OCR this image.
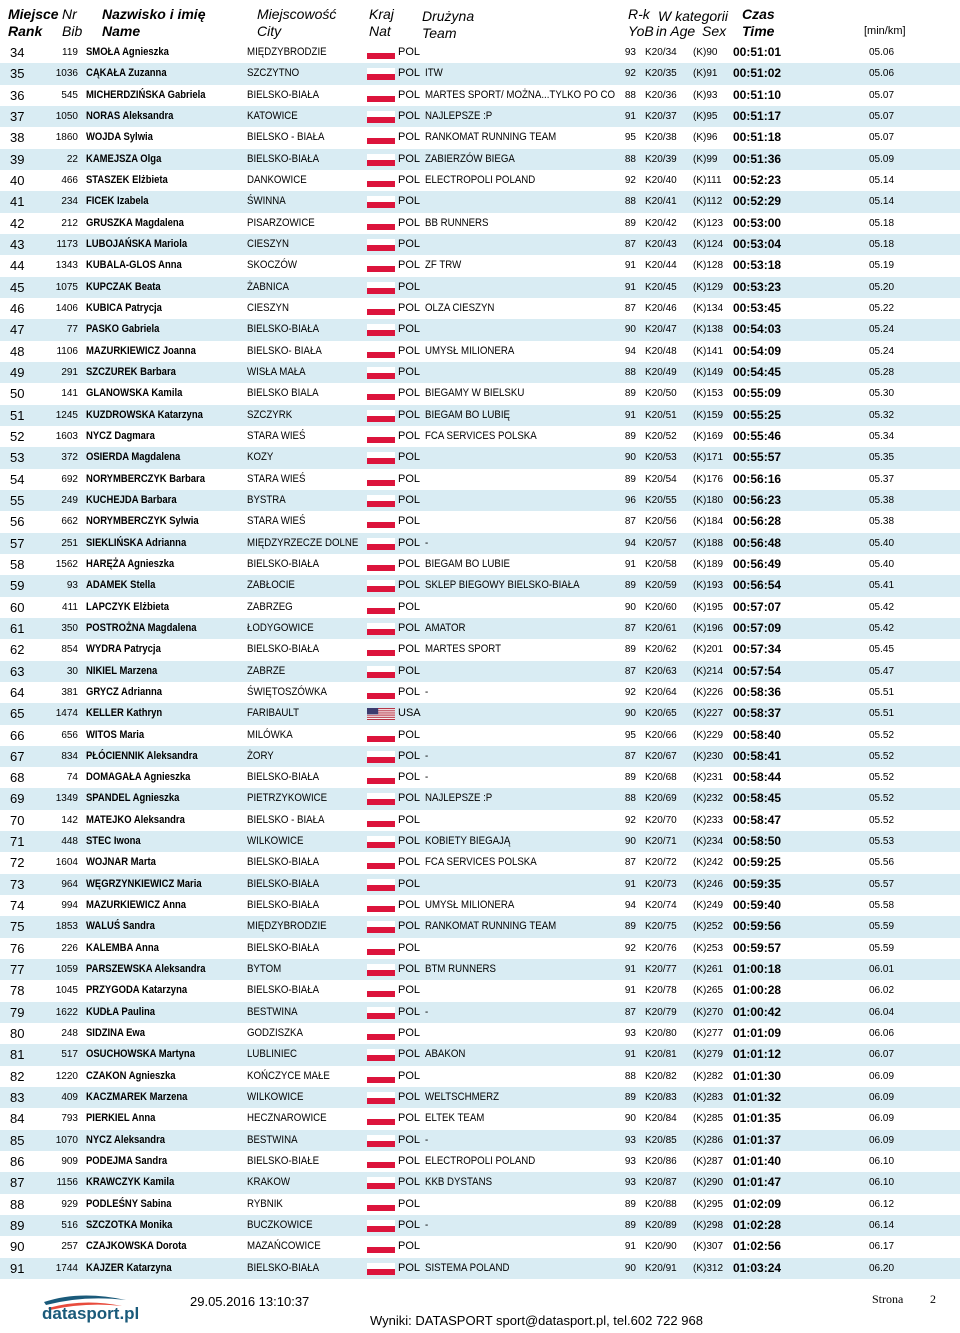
Miejsce
Rank
Nr
Bib
Nazwisko i imię
Name
Miejscowość
City
Kraj
Nat
Drużyna
Team
R-k
YoB
W kategorii
in Age Sex
Czas
Time	[min/km]
34	119 SMOŁA Agnieszka	MIĘDZYBRODZIE	POL	93 K20/34 (K)90 00:51:01	05.06
35	1036 CĄKAŁA Zuzanna	SZCZYTNO	POL ITW	92 K20/35 (K)91 00:51:02	05.06
36	545 MICHERDZIŃSKA Gabriela	BIELSKO-BIAŁA	POL MARTES SPORT/ MOŻNA...TYLKO PO CO 88 K20/36 (K)93 00:51:10	05.07
37	1050 NORAS Aleksandra	KATOWICE	POL NAJLEPSZE :P	91 K20/37 (K)95 00:51:17	05.07
38	1860 WOJDA Sylwia	BIELSKO - BIAŁA	POL RANKOMAT RUNNING TEAM	95 K20/38 (K)96 00:51:18	05.07
39	22 KAMEJSZA Olga	BIELSKO-BIAŁA	POL ZABIERZÓW BIEGA	88 K20/39 (K)99 00:51:36	05.09
40	466 STASZEK Elżbieta	DANKOWICE	POL ELECTROPOLI POLAND	92 K20/40 (K)111 00:52:23	05.14
41	234 FICEK Izabela	ŚWINNA	POL	88 K20/41 (K)112 00:52:29	05.14
42	212 GRUSZKA Magdalena	PISARZOWICE	POL BB RUNNERS	89 K20/42 (K)123 00:53:00	05.18
43	1173 LUBOJAŃSKA Mariola	CIESZYN	POL	87 K20/43 (K)124 00:53:04	05.18
44	1343 KUBALA-GLOS Anna	SKOCZÓW	POL ZF TRW	91 K20/44 (K)128 00:53:18	05.19
45	1075 KUPCZAK Beata	ŻABNICA	POL	91 K20/45 (K)129 00:53:23	05.20
46	1406 KUBICA Patrycja	CIESZYN	POL OLZA CIESZYN	87 K20/46 (K)134 00:53:45	05.22
47	77 PASKO Gabriela	BIELSKO-BIAŁA	POL	90 K20/47 (K)138 00:54:03	05.24
48	1106 MAZURKIEWICZ Joanna	BIELSKO- BIAŁA	POL UMYSŁ MILIONERA	94 K20/48 (K)141 00:54:09	05.24
49	291 SZCZUREK Barbara	WISŁA MAŁA	POL	88 K20/49 (K)149 00:54:45	05.28
50	141 GLANOWSKA Kamila	BIELSKO BIALA	POL BIEGAMY W BIELSKU	89 K20/50 (K)153 00:55:09	05.30
51	1245 KUZDROWSKA Katarzyna	SZCZYRK	POL BIEGAM BO LUBIĘ	91 K20/51 (K)159 00:55:25	05.32
52	1603 NYCZ Dagmara	STARA WIEŚ	POL FCA SERVICES POLSKA	89 K20/52 (K)169 00:55:46	05.34
53	372 OSIERDA Magdalena	KOZY	POL	90 K20/53 (K)171 00:55:57	05.35
54	692 NORYMBERCZYK Barbara	STARA WIEŚ	POL	89 K20/54 (K)176 00:56:16	05.37
55	249 KUCHEJDA Barbara	BYSTRA	POL	96 K20/55 (K)180 00:56:23	05.38
56	662 NORYMBERCZYK Sylwia	STARA WIEŚ	POL	87 K20/56 (K)184 00:56:28	05.38
57	251 SIEKLIŃSKA Adrianna	MIĘDZYRZECZE DOLNE	POL -	94 K20/57 (K)188 00:56:48	05.40
58	1562 HARĘŻA Agnieszka	BIELSKO-BIAŁA	POL BIEGAM BO LUBIE	91 K20/58 (K)189 00:56:49	05.40
59	93 ADAMEK Stella	ZABŁOCIE	POL SKLEP BIEGOWY BIELSKO-BIAŁA	89 K20/59 (K)193 00:56:54	05.41
60	411 LAPCZYK Elżbieta	ZABRZEG	POL	90 K20/60 (K)195 00:57:07	05.42
61	350 POSTROŻNA Magdalena	ŁODYGOWICE	POL AMATOR	87 K20/61 (K)196 00:57:09	05.42
62	854 WYDRA Patrycja	BIELSKO-BIAŁA	POL MARTES SPORT	89 K20/62 (K)201 00:57:34	05.45
63	30 NIKIEL Marzena	ZABRZE	POL	87 K20/63 (K)214 00:57:54	05.47
64	381 GRYCZ Adrianna	ŚWIĘTOSZÓWKA	POL -	92 K20/64 (K)226 00:58:36	05.51
65	1474 KELLER Kathryn	FARIBAULT	USA	90 K20/65 (K)227 00:58:37	05.51
66	656 WITOS Maria	MILÓWKA	POL	95 K20/66 (K)229 00:58:40	05.52
67	834 PŁÓCIENNIK Aleksandra	ŻORY	POL -	87 K20/67 (K)230 00:58:41	05.52
68	74 DOMAGAŁA Agnieszka	BIELSKO-BIAŁA	POL -	89 K20/68 (K)231 00:58:44	05.52
69	1349 SPANDEL Agnieszka	PIETRZYKOWICE	POL NAJLEPSZE :P	88 K20/69 (K)232 00:58:45	05.52
70	142 MATEJKO Aleksandra	BIELSKO - BIAŁA	POL	92 K20/70 (K)233 00:58:47	05.52
71	448 STEC Iwona	WILKOWICE	POL KOBIETY BIEGAJĄ	90 K20/71 (K)234 00:58:50	05.53
72	1604 WOJNAR Marta	BIELSKO-BIAŁA	POL FCA SERVICES POLSKA	87 K20/72 (K)242 00:59:25	05.56
73	964 WĘGRZYNKIEWICZ Maria	BIELSKO-BIAŁA	POL	91 K20/73 (K)246 00:59:35	05.57
74	994 MAZURKIEWICZ Anna	BIELSKO-BIAŁA	POL UMYSŁ MILIONERA	94 K20/74 (K)249 00:59:40	05.58
75	1853 WALUŚ Sandra	MIĘDZYBRODZIE	POL RANKOMAT RUNNING TEAM	89 K20/75 (K)252 00:59:56	05.59
76	226 KALEMBA Anna	BIELSKO-BIAŁA	POL	92 K20/76 (K)253 00:59:57	05.59
77	1059 PARSZEWSKA Aleksandra	BYTOM	POL BTM RUNNERS	91 K20/77 (K)261 01:00:18	06.01
78	1045 PRZYGODA Katarzyna	BIELSKO-BIAŁA	POL	91 K20/78 (K)265 01:00:28	06.02
79	1622 KUDŁA Paulina	BESTWINA	POL -	87 K20/79 (K)270 01:00:42	06.04
80	248 SIDZINA Ewa	GODZISZKA	POL	93 K20/80 (K)277 01:01:09	06.06
81	517 OSUCHOWSKA Martyna	LUBLINIEC	POL ABAKON	91 K20/81 (K)279 01:01:12	06.07
82	1220 CZAKON Agnieszka	KOŃCZYCE MAŁE	POL	88 K20/82 (K)282 01:01:30	06.09
83	409 KACZMAREK Marzena	WILKOWICE	POL WELTSCHMERZ	89 K20/83 (K)283 01:01:32	06.09
84	793 PIERKIEL Anna	HECZNAROWICE	POL ELTEK TEAM	90 K20/84 (K)285 01:01:35	06.09
85	1070 NYCZ Aleksandra	BESTWINA	POL -	93 K20/85 (K)286 01:01:37	06.09
86	909 PODEJMA Sandra	BIELSKO-BIAŁE	POL ELECTROPOLI POLAND	93 K20/86 (K)287 01:01:40	06.10
87	1156 KRAWCZYK Kamila	KRAKOW	POL KKB DYSTANS	93 K20/87 (K)290 01:01:47	06.10
88	929 PODLEŚNY Sabina	RYBNIK	POL	89 K20/88 (K)295 01:02:09	06.12
89	516 SZCZOTKA Monika	BUCZKOWICE	POL -	89 K20/89 (K)298 01:02:28	06.14
90	257 CZAJKOWSKA Dorota	MAZAŃCOWICE	POL	91 K20/90 (K)307 01:02:56	06.17
91	1744 KAJZER Katarzyna	BIELSKO-BIAŁA	POL SISTEMA POLAND	90 K20/91 (K)312 01:03:24	06.20
datasport.pl
29.05.2016 13:10:37	Strona 2
Wyniki: DATASPORT sport@datasport.pl, tel.602 722 968
